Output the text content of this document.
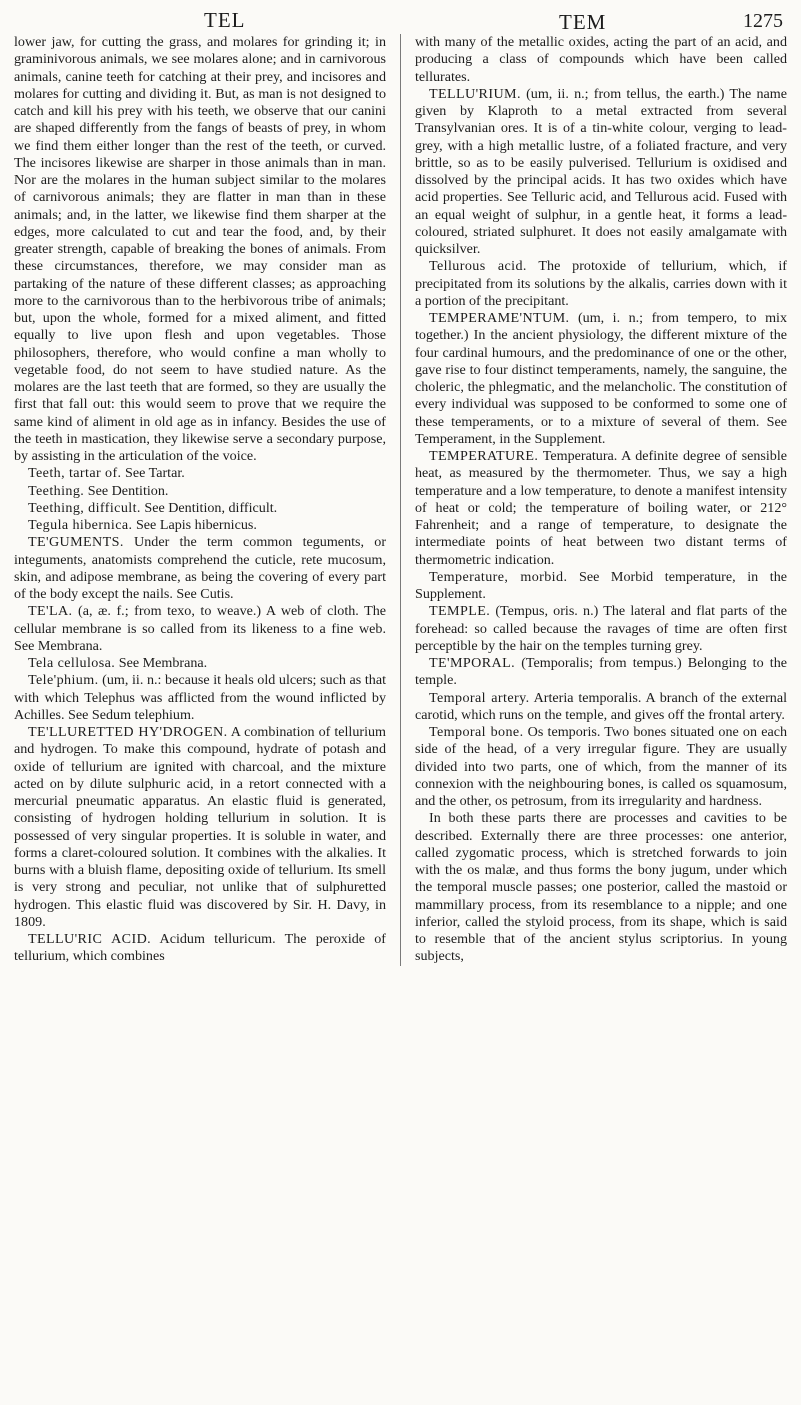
TEL	TEM	1275

lower jaw, for cutting the grass, and molares for grinding it; in graminivorous animals, we see molares alone; and in carnivorous animals, canine teeth for catching at their prey, and incisores and molares for cutting and dividing it. But, as man is not designed to catch and kill his prey with his teeth, we observe that our canini are shaped differently from the fangs of beasts of prey, in whom we find them either longer than the rest of the teeth, or curved. The incisores likewise are sharper in those animals than in man. Nor are the molares in the human subject similar to the molares of carnivorous animals; they are flatter in man than in these animals; and, in the latter, we likewise find them sharper at the edges, more calculated to cut and tear the food, and, by their greater strength, capable of breaking the bones of animals. From these circumstances, therefore, we may consider man as partaking of the nature of these different classes; as approaching more to the carnivorous than to the herbivorous tribe of animals; but, upon the whole, formed for a mixed aliment, and fitted equally to live upon flesh and upon vegetables. Those philosophers, therefore, who would confine a man wholly to vegetable food, do not seem to have studied nature. As the molares are the last teeth that are formed, so they are usually the first that fall out: this would seem to prove that we require the same kind of aliment in old age as in infancy. Besides the use of the teeth in mastication, they likewise serve a secondary purpose, by assisting in the articulation of the voice.

Teeth, tartar of. See Tartar.

Teething. See Dentition.

Teething, difficult. See Dentition, difficult.

Tegula hibernica. See Lapis hibernicus.

TE'GUMENTS. Under the term common teguments, or integuments, anatomists comprehend the cuticle, rete mucosum, skin, and adipose membrane, as being the covering of every part of the body except the nails. See Cutis.

TE'LA. (a, æ. f.; from texo, to weave.) A web of cloth. The cellular membrane is so called from its likeness to a fine web. See Membrana.

Tela cellulosa. See Membrana.

Tele'phium. (um, ii. n.: because it heals old ulcers; such as that with which Telephus was afflicted from the wound inflicted by Achilles. See Sedum telephium.

TE'LLURETTED HY'DROGEN. A combination of tellurium and hydrogen. To make this compound, hydrate of potash and oxide of tellurium are ignited with charcoal, and the mixture acted on by dilute sulphuric acid, in a retort connected with a mercurial pneumatic apparatus. An elastic fluid is generated, consisting of hydrogen holding tellurium in solution. It is possessed of very singular properties. It is soluble in water, and forms a claret-coloured solution. It combines with the alkalies. It burns with a bluish flame, depositing oxide of tellurium. Its smell is very strong and peculiar, not unlike that of sulphuretted hydrogen. This elastic fluid was discovered by Sir. H. Davy, in 1809.

TELLU'RIC ACID. Acidum telluricum. The peroxide of tellurium, which combines

with many of the metallic oxides, acting the part of an acid, and producing a class of compounds which have been called tellurates.

TELLU'RIUM. (um, ii. n.; from tellus, the earth.) The name given by Klaproth to a metal extracted from several Transylvanian ores. It is of a tin-white colour, verging to lead-grey, with a high metallic lustre, of a foliated fracture, and very brittle, so as to be easily pulverised. Tellurium is oxidised and dissolved by the principal acids. It has two oxides which have acid properties. See Telluric acid, and Tellurous acid. Fused with an equal weight of sulphur, in a gentle heat, it forms a lead-coloured, striated sulphuret. It does not easily amalgamate with quicksilver.

Tellurous acid. The protoxide of tellurium, which, if precipitated from its solutions by the alkalis, carries down with it a portion of the precipitant.

TEMPERAME'NTUM. (um, i. n.; from tempero, to mix together.) In the ancient physiology, the different mixture of the four cardinal humours, and the predominance of one or the other, gave rise to four distinct temperaments, namely, the sanguine, the choleric, the phlegmatic, and the melancholic. The constitution of every individual was supposed to be conformed to some one of these temperaments, or to a mixture of several of them. See Temperament, in the Supplement.

TEMPERATURE. Temperatura. A definite degree of sensible heat, as measured by the thermometer. Thus, we say a high temperature and a low temperature, to denote a manifest intensity of heat or cold; the temperature of boiling water, or 212° Fahrenheit; and a range of temperature, to designate the intermediate points of heat between two distant terms of thermometric indication.

Temperature, morbid. See Morbid temperature, in the Supplement.

TEMPLE. (Tempus, oris. n.) The lateral and flat parts of the forehead: so called because the ravages of time are often first perceptible by the hair on the temples turning grey.

TE'MPORAL. (Temporalis; from tempus.) Belonging to the temple.

Temporal artery. Arteria temporalis. A branch of the external carotid, which runs on the temple, and gives off the frontal artery.

Temporal bone. Os temporis. Two bones situated one on each side of the head, of a very irregular figure. They are usually divided into two parts, one of which, from the manner of its connexion with the neighbouring bones, is called os squamosum, and the other, os petrosum, from its irregularity and hardness.

In both these parts there are processes and cavities to be described. Externally there are three processes: one anterior, called zygomatic process, which is stretched forwards to join with the os malæ, and thus forms the bony jugum, under which the temporal muscle passes; one posterior, called the mastoid or mammillary process, from its resemblance to a nipple; and one inferior, called the styloid process, from its shape, which is said to resemble that of the ancient stylus scriptorius. In young subjects,
